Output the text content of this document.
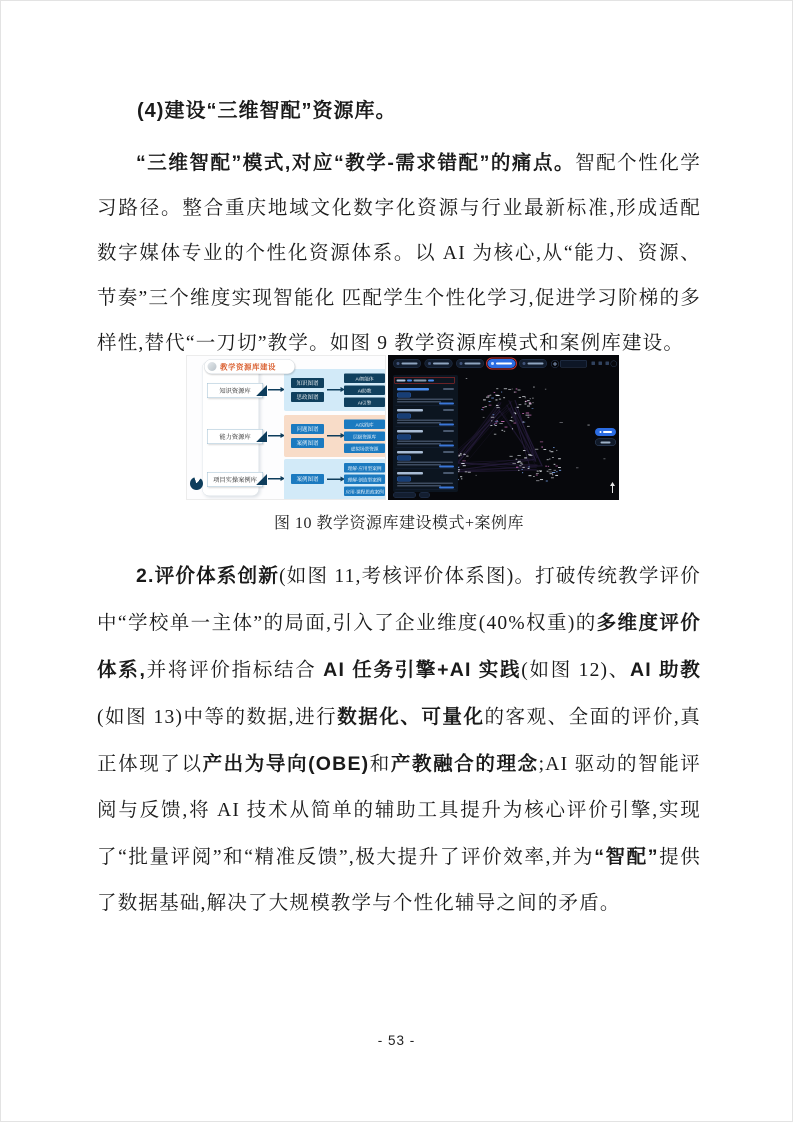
(4)建设“三维智配”资源库。

“三维智配”模式,对应“教学-需求错配”的痛点。智配个性化学习路径。整合重庆地域文化数字化资源与行业最新标准,形成适配数字媒体专业的个性化资源体系。以 AI 为核心,从“能力、资源、节奏”三个维度实现智能化 匹配学生个性化学习,促进学习阶梯的多样性,替代“一刀切”教学。如图 9 教学资源库模式和案例库建设。

教学资源库建设
知识资源库
能力资源库
项目实操案例库
知识图谱
思政图谱
AI智能体
AI助教
AI引擎
问题图谱
案例图谱
AI实践库
层级资源库
虚拟场景资源
案例图谱
理解·应用型案例
理解·创造型案例
应用·课程思政案例
图 10 教学资源库建设模式+案例库

2.评价体系创新(如图 11,考核评价体系图)。打破传统教学评价中“学校单一主体”的局面,引入了企业维度(40%权重)的多维度评价体系,并将评价指标结合 AI 任务引擎+AI 实践(如图 12)、AI 助教(如图 13)中等的数据,进行数据化、可量化的客观、全面的评价,真正体现了以产出为导向(OBE)和产教融合的理念;AI 驱动的智能评阅与反馈,将 AI 技术从简单的辅助工具提升为核心评价引擎,实现了“批量评阅”和“精准反馈”,极大提升了评价效率,并为“智配”提供了数据基础,解决了大规模教学与个性化辅导之间的矛盾。

- 53 -
